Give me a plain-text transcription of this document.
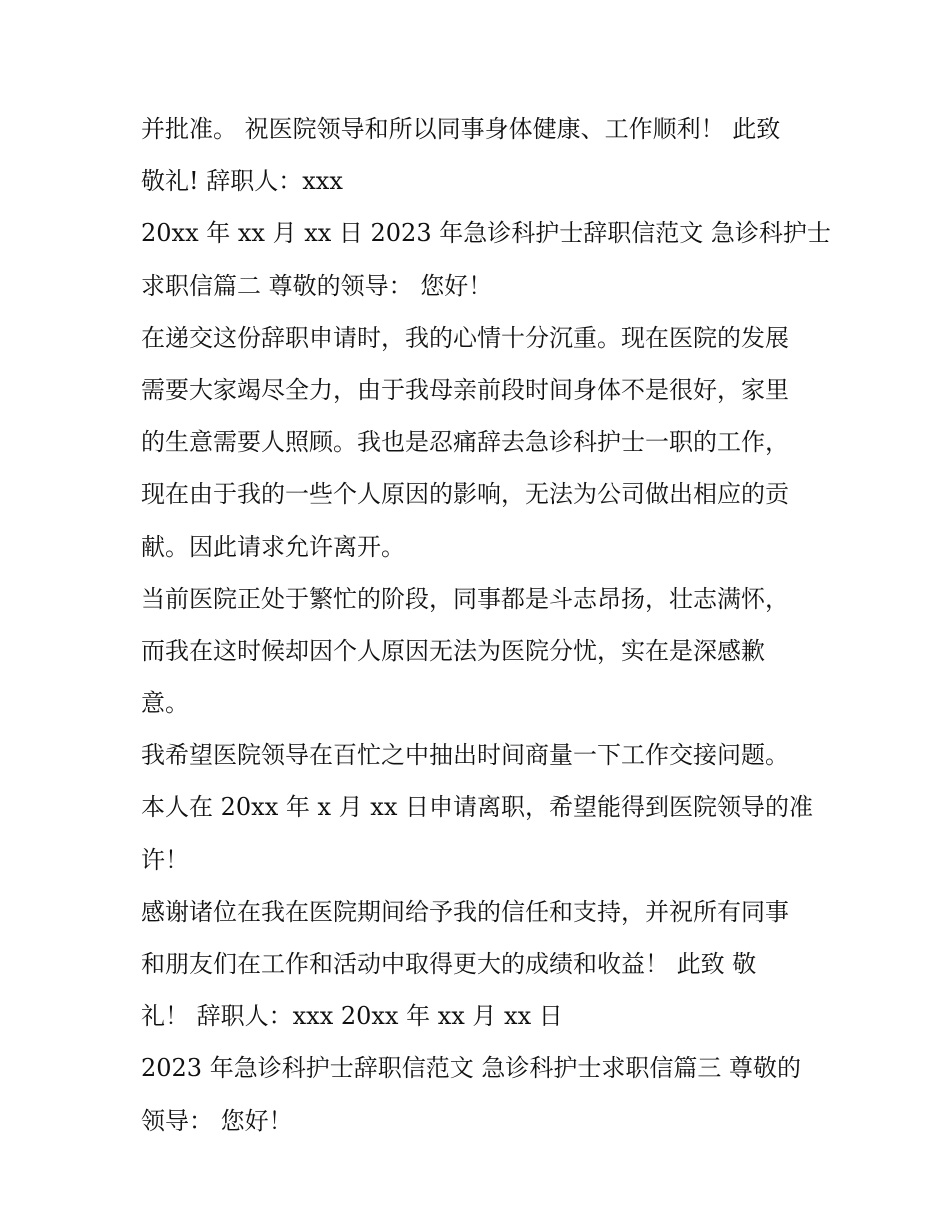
并批准。 祝医院领导和所以同事身体健康、工作顺利！ 此致
敬礼! 辞职人：xxx
20xx 年 xx 月 xx 日 2023 年急诊科护士辞职信范文 急诊科护士
求职信篇二 尊敬的领导： 您好！
在递交这份辞职申请时，我的心情十分沉重。现在医院的发展
需要大家竭尽全力，由于我母亲前段时间身体不是很好，家里
的生意需要人照顾。我也是忍痛辞去急诊科护士一职的工作，
现在由于我的一些个人原因的影响，无法为公司做出相应的贡
献。因此请求允许离开。
当前医院正处于繁忙的阶段，同事都是斗志昂扬，壮志满怀，
而我在这时候却因个人原因无法为医院分忧，实在是深感歉
意。
我希望医院领导在百忙之中抽出时间商量一下工作交接问题。
本人在 20xx 年 x 月 xx 日申请离职，希望能得到医院领导的准
许！
感谢诸位在我在医院期间给予我的信任和支持，并祝所有同事
和朋友们在工作和活动中取得更大的成绩和收益！ 此致 敬
礼！ 辞职人：xxx 20xx 年 xx 月 xx 日
2023 年急诊科护士辞职信范文 急诊科护士求职信篇三 尊敬的
领导： 您好！
